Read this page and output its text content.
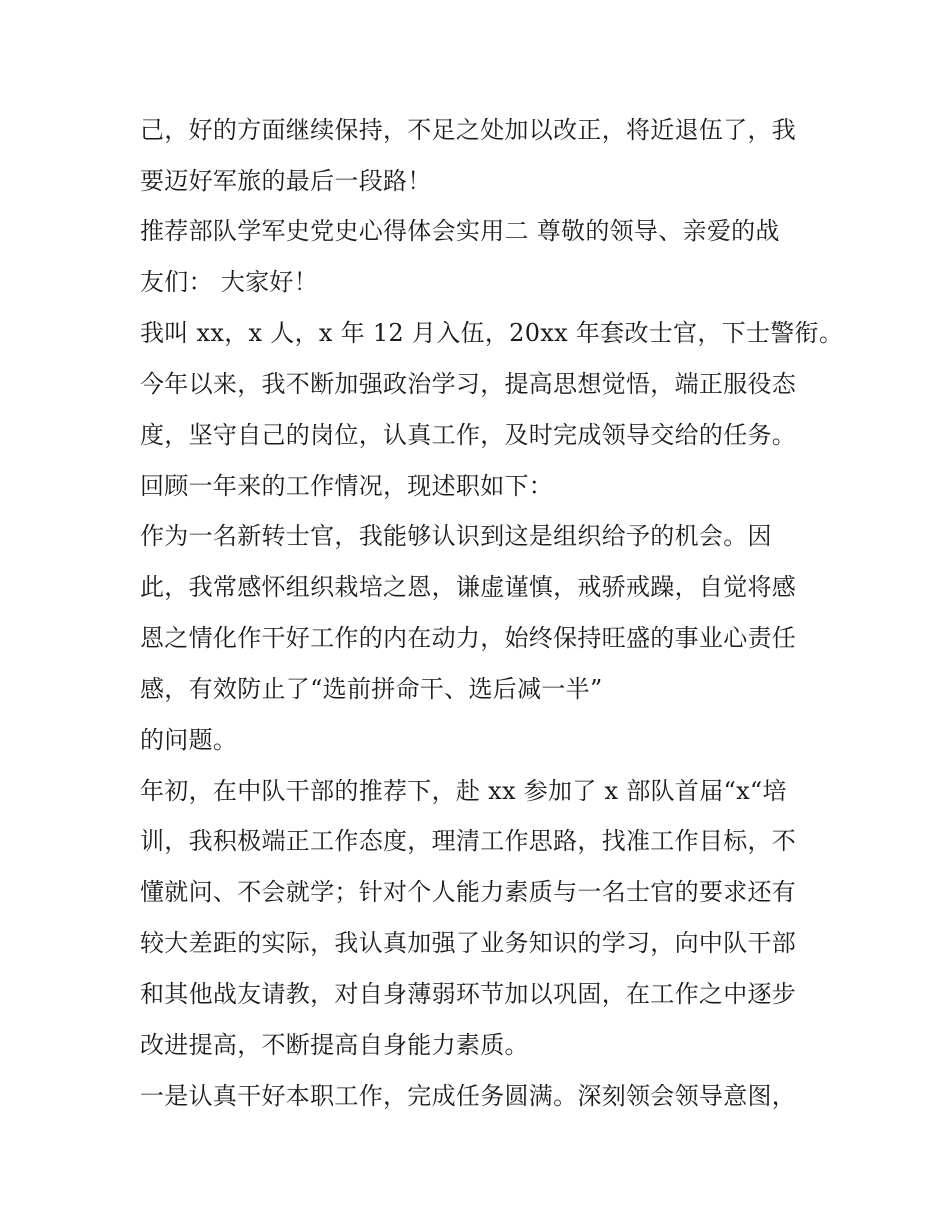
己，好的方面继续保持，不足之处加以改正，将近退伍了，我
要迈好军旅的最后一段路！
推荐部队学军史党史心得体会实用二 尊敬的领导、亲爱的战
友们： 大家好！
我叫 xx，x 人，x 年 12 月入伍，20xx 年套改士官，下士警衔。
今年以来，我不断加强政治学习，提高思想觉悟，端正服役态
度，坚守自己的岗位，认真工作，及时完成领导交给的任务。
回顾一年来的工作情况，现述职如下：
作为一名新转士官，我能够认识到这是组织给予的机会。因
此，我常感怀组织栽培之恩，谦虚谨慎，戒骄戒躁，自觉将感
恩之情化作干好工作的内在动力，始终保持旺盛的事业心责任
感，有效防止了“选前拼命干、选后减一半”
的问题。
年初，在中队干部的推荐下，赴 xx 参加了 x 部队首届“x“培
训，我积极端正工作态度，理清工作思路，找准工作目标，不
懂就问、不会就学；针对个人能力素质与一名士官的要求还有
较大差距的实际，我认真加强了业务知识的学习，向中队干部
和其他战友请教，对自身薄弱环节加以巩固，在工作之中逐步
改进提高，不断提高自身能力素质。
一是认真干好本职工作，完成任务圆满。深刻领会领导意图，
